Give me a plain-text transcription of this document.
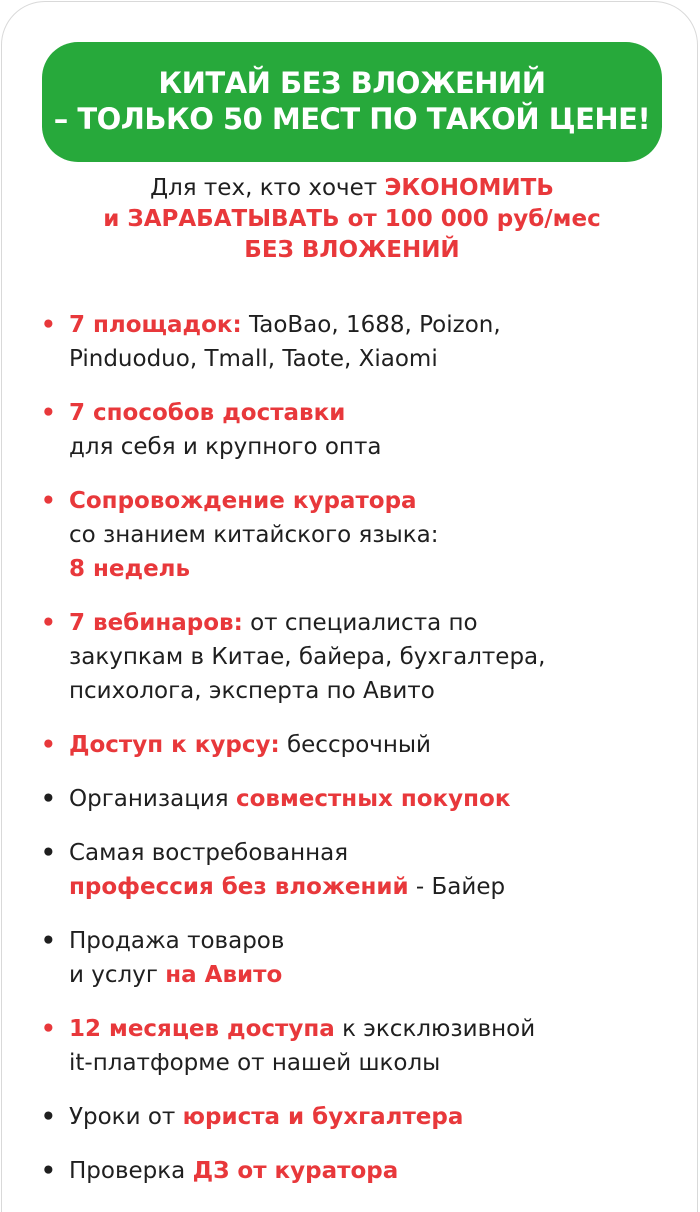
КИТАЙ БЕЗ ВЛОЖЕНИЙ
– ТОЛЬКО 50 МЕСТ ПО ТАКОЙ ЦЕНЕ!
Для тех, кто хочет ЭКОНОМИТЬ
и ЗАРАБАТЫВАТЬ от 100 000 руб/мес
БЕЗ ВЛОЖЕНИЙ
• 7 площадок: TaoBao, 1688, Poizon,
Pinduoduo, Tmall, Taote, Xiaomi
• 7 способов доставки
для себя и крупного опта
• Сопровождение куратора
со знанием китайского языка:
8 недель
• 7 вебинаров: от специалиста по
закупкам в Китае, байера, бухгалтера,
психолога, эксперта по Авито
• Доступ к курсу: бессрочный
• Организация совместных покупок
• Самая востребованная
профессия без вложений - Байер
• Продажа товаров
и услуг на Авито
• 12 месяцев доступа к эксклюзивной
it-платформе от нашей школы
• Уроки от юриста и бухгалтера
• Проверка ДЗ от куратора
